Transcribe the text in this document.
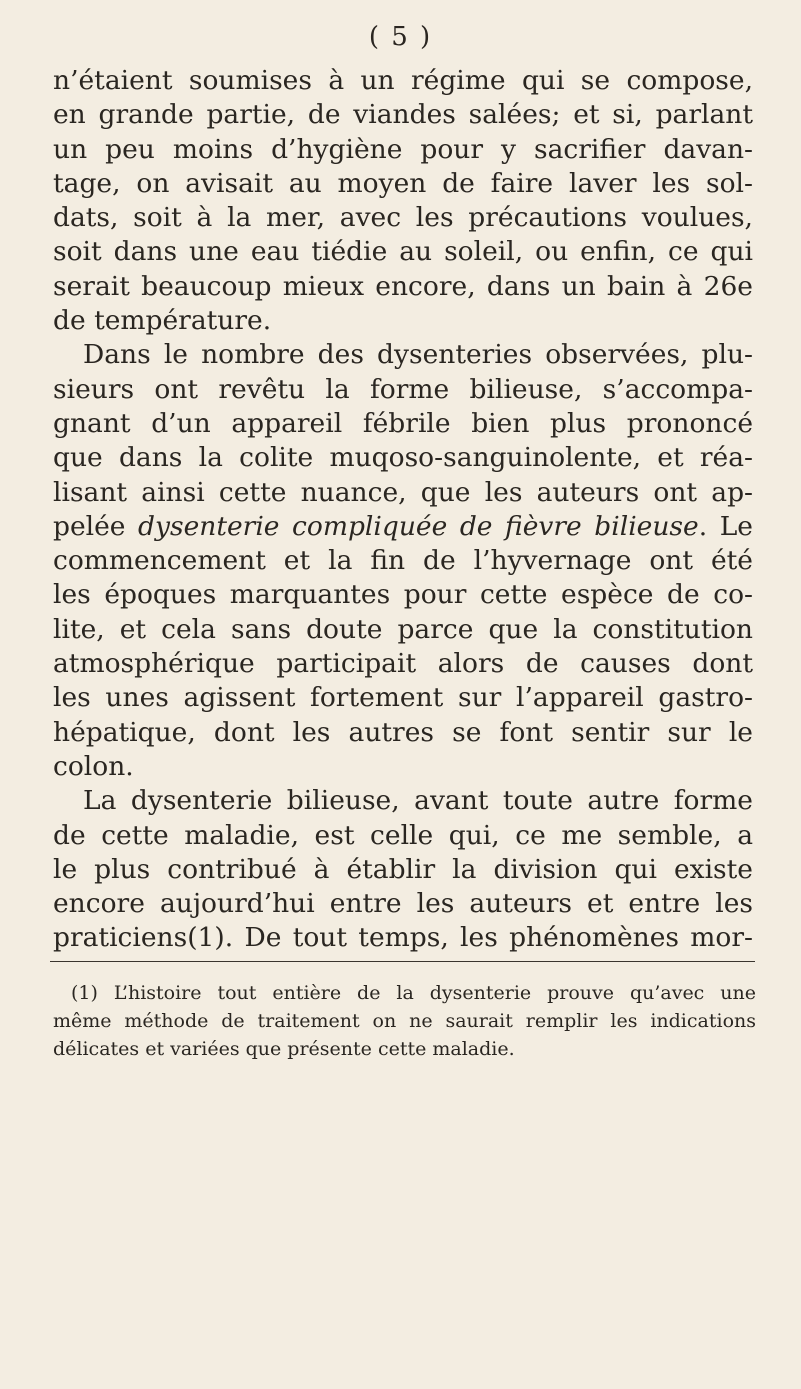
( 5 )

n’étaient soumises à un régime qui se compose,
en grande partie, de viandes salées; et si, parlant
un peu moins d’hygiène pour y sacrifier davan-
tage, on avisait au moyen de faire laver les sol-
dats, soit à la mer, avec les précautions voulues,
soit dans une eau tiédie au soleil, ou enfin, ce qui
serait beaucoup mieux encore, dans un bain à 26e
de température.

Dans le nombre des dysenteries observées, plu-
sieurs ont revêtu la forme bilieuse, s’accompa-
gnant d’un appareil fébrile bien plus prononcé
que dans la colite muqoso-sanguinolente, et réa-
lisant ainsi cette nuance, que les auteurs ont ap-
pelée dysenterie compliquée de fièvre bilieuse. Le
commencement et la fin de l’hyvernage ont été
les époques marquantes pour cette espèce de co-
lite, et cela sans doute parce que la constitution
atmosphérique participait alors de causes dont
les unes agissent fortement sur l’appareil gastro-
hépatique, dont les autres se font sentir sur le
colon.

La dysenterie bilieuse, avant toute autre forme
de cette maladie, est celle qui, ce me semble, a
le plus contribué à établir la division qui existe
encore aujourd’hui entre les auteurs et entre les
praticiens(1). De tout temps, les phénomènes mor-

(1) L’histoire tout entière de la dysenterie prouve qu’avec une
même méthode de traitement on ne saurait remplir les indications
délicates et variées que présente cette maladie.
